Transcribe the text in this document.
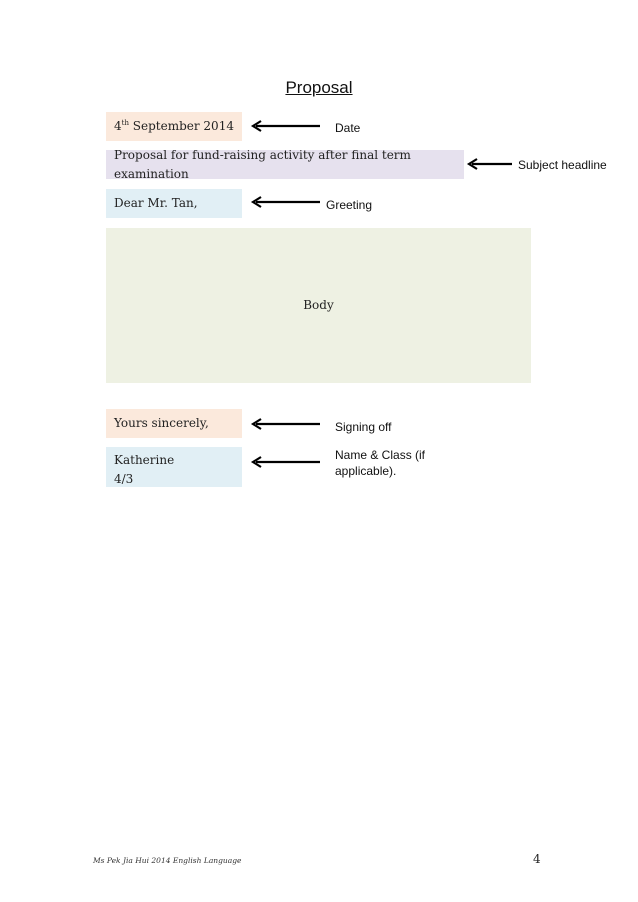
Proposal
4th September 2014	Date
Proposal for fund-raising activity after final term examination
Subject headline
Dear Mr. Tan,	Greeting
Body
Yours sincerely,	Signing off
Katherine
4/3
Name & Class (if
applicable).
Ms Pek Jia Hui 2014 English Language	4
